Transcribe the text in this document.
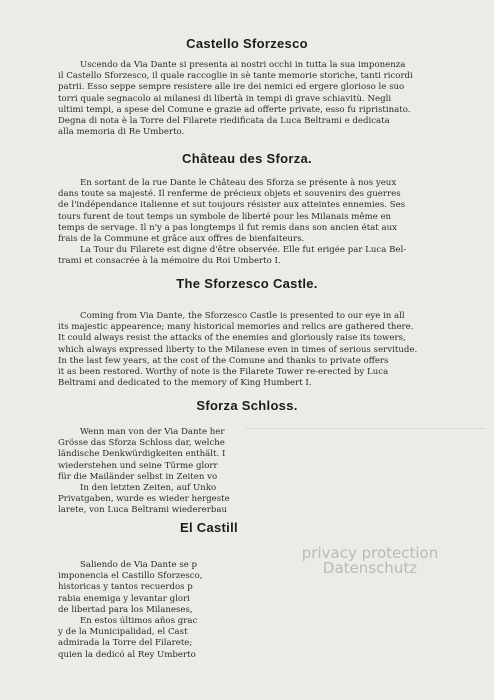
Castello Sforzesco
Uscendo da Via Dante si presenta ai nostri occhi in tutta la sua imponenza
il Castello Sforzesco, il quale raccoglie in sè tante memorie storiche, tanti ricordi
patrii. Esso seppe sempre resistere alle ire dei nemici ed ergere glorioso le suo
torri quale segnacolo ai milanesi di libertà in tempi di grave schiavitù. Negli
ultimi tempi, a spese del Comune e grazie ad offerte private, esso fu ripristinato.
Degna di nota è la Torre del Filarete riedificata da Luca Beltrami e dedicata
alla memoria di Re Umberto.
Château des Sforza.
En sortant de la rue Dante le Château des Sforza se présente à nos yeux
dans toute sa majesté. Il renferme de précieux objets et souvenirs des guerres
de l'indépendance italienne et sut toujours résister aux atteintes ennemies. Ses
tours furent de tout temps un symbole de liberté pour les Milanais même en
temps de servage. Il n'y a pas longtemps il fut remis dans son ancien état aux
frais de la Commune et grâce aux offres de bienfaiteurs.
La Tour du Filarete est digne d'être observée. Elle fut erigée par Luca Bel-
trami et consacrée à la mémoire du Roi Umberto I.
The Sforzesco Castle.
Coming from Via Dante, the Sforzesco Castle is presented to our eye in all
its majestic appearence; many historical memories and relics are gathered there.
It could always resist the attacks of the enemies and gloriously raise its towers,
which always expressed liberty to the Milanese even in times of serious servitude.
In the last few years, at the cost of the Comune and thanks to private offers
it as been restored. Worthy of note is the Filarete Tower re-erected by Luca
Beltrami and dedicated to the memory of King Humbert I.
Sforza Schloss.
Wenn man von der Via Dante her
Grösse das Sforza Schloss dar, welche
ländische Denkwürdigkeiten enthält. I
wiederstehen und seine Türme glorr
für die Mailänder selbst in Zeiten vo
In den letzten Zeiten, auf Unko
Privatgaben, wurde es wieder hergeste
larete, von Luca Beltrami wiedererbau
El Castill
Saliendo de Via Dante se p
imponencia el Castillo Sforzesco,
historicas y tantos recuerdos p
rabia enemiga y levantar glori
de libertad para los Milaneses,
En estos últimos años grac
y de la Municipalidad, el Cast
admirada la Torre del Filarete;
quien la dedicó al Rey Umberto
privacy protection
Datenschutz
